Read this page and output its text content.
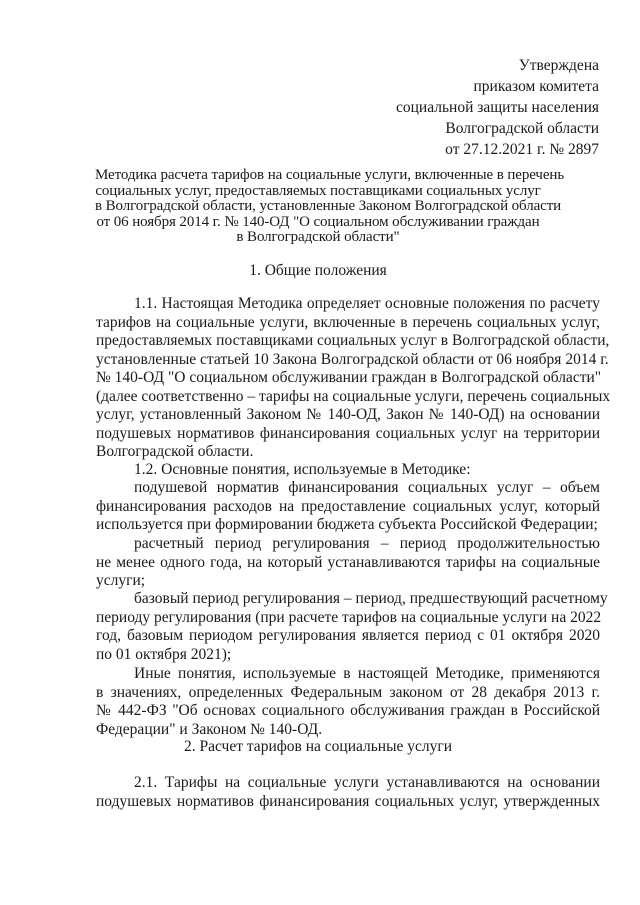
Утверждена
приказом комитета
социальной защиты населения
Волгоградской области
от 27.12.2021 г. № 2897
Методика расчета тарифов на социальные услуги, включенные в перечень
социальных услуг, предоставляемых поставщиками социальных услуг
в Волгоградской области, установленные Законом Волгоградской области
от 06 ноября 2014 г. № 140-ОД "О социальном обслуживании граждан
в Волгоградской области"
1. Общие положения
1.1. Настоящая Методика определяет основные положения по расчету
тарифов на социальные услуги, включенные в перечень социальных услуг,
предоставляемых поставщиками социальных услуг в Волгоградской области,
установленные статьей 10 Закона Волгоградской области от 06 ноября 2014 г.
№ 140-ОД "О социальном обслуживании граждан в Волгоградской области"
(далее соответственно – тарифы на социальные услуги, перечень социальных
услуг, установленный Законом № 140-ОД, Закон № 140-ОД) на основании
подушевых нормативов финансирования социальных услуг на территории
Волгоградской области.
1.2. Основные понятия, используемые в Методике:
подушевой норматив финансирования социальных услуг – объем
финансирования расходов на предоставление социальных услуг, который
используется при формировании бюджета субъекта Российской Федерации;
расчетный период регулирования – период продолжительностью
не менее одного года, на который устанавливаются тарифы на социальные
услуги;
базовый период регулирования – период, предшествующий расчетному
периоду регулирования (при расчете тарифов на социальные услуги на 2022
год, базовым периодом регулирования является период с 01 октября 2020
по 01 октября 2021);
Иные понятия, используемые в настоящей Методике, применяются
в значениях, определенных Федеральным законом от 28 декабря 2013 г.
№ 442-ФЗ "Об основах социального обслуживания граждан в Российской
Федерации" и Законом № 140-ОД.
2. Расчет тарифов на социальные услуги
2.1. Тарифы на социальные услуги устанавливаются на основании
подушевых нормативов финансирования социальных услуг, утвержденных
